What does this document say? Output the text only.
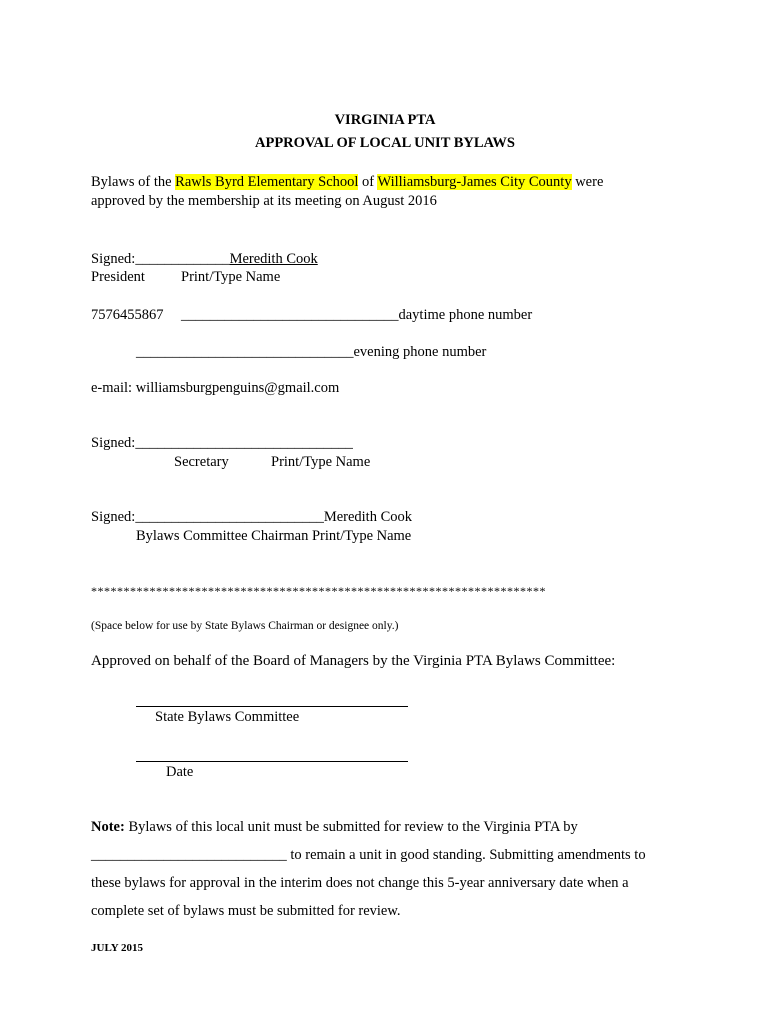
VIRGINIA PTA
APPROVAL OF LOCAL UNIT BYLAWS
Bylaws of the Rawls Byrd Elementary School of Williamsburg-James City County were
approved by the membership at its meeting on August 2016
Signed:_____________Meredith Cook
President Print/Type Name
7576455867 ______________________________daytime phone number
______________________________evening phone number
e-mail: williamsburgpenguins@gmail.com
Signed:______________________________
Secretary	Print/Type Name
Signed:__________________________Meredith Cook
Bylaws Committee Chairman Print/Type Name
**********************************************************************
(Space below for use by State Bylaws Chairman or designee only.)
Approved on behalf of the Board of Managers by the Virginia PTA Bylaws Committee:
State Bylaws Committee
Date
Note: Bylaws of this local unit must be submitted for review to the Virginia PTA by
___________________________ to remain a unit in good standing. Submitting amendments to
these bylaws for approval in the interim does not change this 5-year anniversary date when a
complete set of bylaws must be submitted for review.
JULY 2015
